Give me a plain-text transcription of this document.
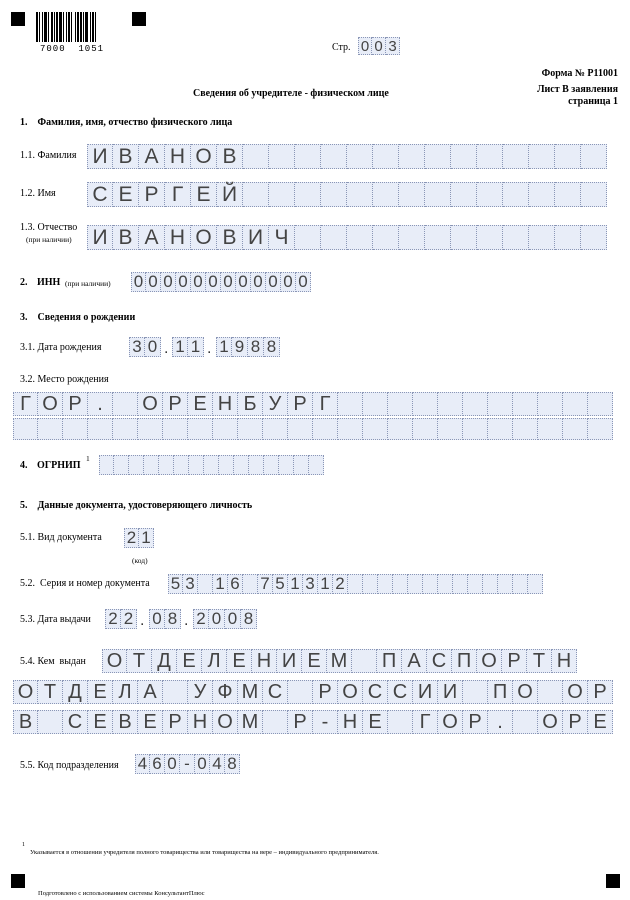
7000  1051	Стр. 0 0 3
Форма № Р11001
Лист В заявления
страница 1
Сведения об учредителе - физическом лице
1.    Фамилия, имя, отчество физического лица
1.1. Фамилия И В А Н О В
1.2. Имя С Е Р Г Е Й
1.3. Отчество
(при наличии) И В А Н О В И Ч
2. ИНН (при наличии) 0 0 0 0 0 0 0 0 0 0 0 0
3.    Сведения о рождении
3.1. Дата рождения 3 0 . 1 1 . 1 9 8 8
3.2. Место рождения
Г О Р .	О Р Е Н Б У Р Г
4. ОГРНИП
1
5.    Данные документа, удостоверяющего личность
5.1. Вид документа 2 1
(код)
5.2.  Серия и номер документа 5 3 1 6 7 5 1 3 1 2
5.3. Дата выдачи 2 2 . 0 8 . 2 0 0 8
5.4. Кем  выдан О Т Д Е Л Е Н И Е М П А С П О Р Т Н
О Т Д Е Л А	У Ф М С Р О С С И И П О О Р
В С Е В Е Р Н О М Р - Н Е	Г О Р .	О Р Е
5.5. Код подразделения 4 6 0 - 0 4 8
1
Указывается в отношении учредителя полного товарищества или товарищества на вере – индивидуального предпринимателя.
Подготовлено с использованием системы КонсультантПлюс
